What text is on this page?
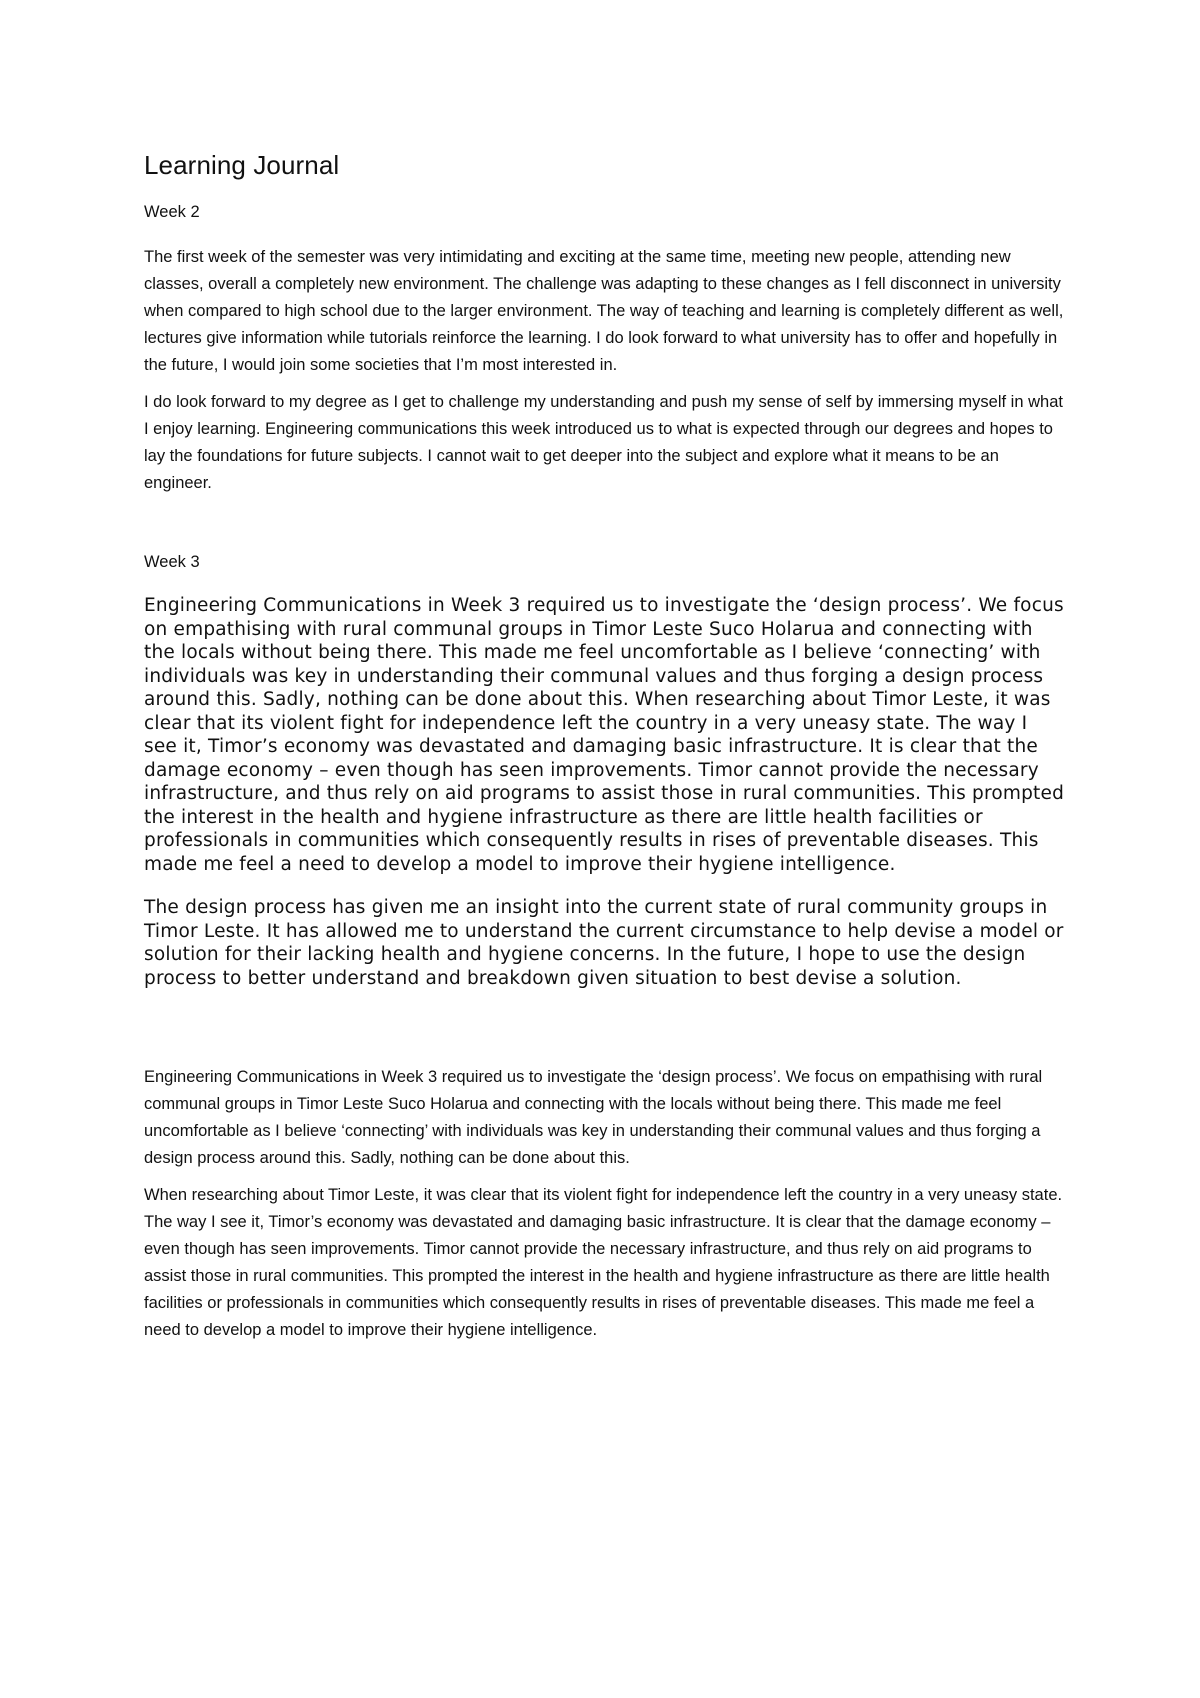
Learning Journal
Week 2

The first week of the semester was very intimidating and exciting at the same time, meeting new people, attending new classes, overall a completely new environment. The challenge was adapting to these changes as I fell disconnect in university when compared to high school due to the larger environment. The way of teaching and learning is completely different as well, lectures give information while tutorials reinforce the learning. I do look forward to what university has to offer and hopefully in the future, I would join some societies that I’m most interested in.

I do look forward to my degree as I get to challenge my understanding and push my sense of self by immersing myself in what I enjoy learning. Engineering communications this week introduced us to what is expected through our degrees and hopes to lay the foundations for future subjects. I cannot wait to get deeper into the subject and explore what it means to be an engineer.

Week 3

Engineering Communications in Week 3 required us to investigate the ‘design process’. We focus on empathising with rural communal groups in Timor Leste Suco Holarua and connecting with the locals without being there. This made me feel uncomfortable as I believe ‘connecting’ with individuals was key in understanding their communal values and thus forging a design process around this. Sadly, nothing can be done about this. When researching about Timor Leste, it was clear that its violent fight for independence left the country in a very uneasy state. The way I see it, Timor’s economy was devastated and damaging basic infrastructure. It is clear that the damage economy – even though has seen improvements. Timor cannot provide the necessary infrastructure, and thus rely on aid programs to assist those in rural communities. This prompted the interest in the health and hygiene infrastructure as there are little health facilities or professionals in communities which consequently results in rises of preventable diseases. This made me feel a need to develop a model to improve their hygiene intelligence.

The design process has given me an insight into the current state of rural community groups in Timor Leste. It has allowed me to understand the current circumstance to help devise a model or solution for their lacking health and hygiene concerns. In the future, I hope to use the design process to better understand and breakdown given situation to best devise a solution.

Engineering Communications in Week 3 required us to investigate the ‘design process’. We focus on empathising with rural communal groups in Timor Leste Suco Holarua and connecting with the locals without being there. This made me feel uncomfortable as I believe ‘connecting’ with individuals was key in understanding their communal values and thus forging a design process around this. Sadly, nothing can be done about this.

When researching about Timor Leste, it was clear that its violent fight for independence left the country in a very uneasy state. The way I see it, Timor’s economy was devastated and damaging basic infrastructure. It is clear that the damage economy – even though has seen improvements. Timor cannot provide the necessary infrastructure, and thus rely on aid programs to assist those in rural communities. This prompted the interest in the health and hygiene infrastructure as there are little health facilities or professionals in communities which consequently results in rises of preventable diseases. This made me feel a need to develop a model to improve their hygiene intelligence.
